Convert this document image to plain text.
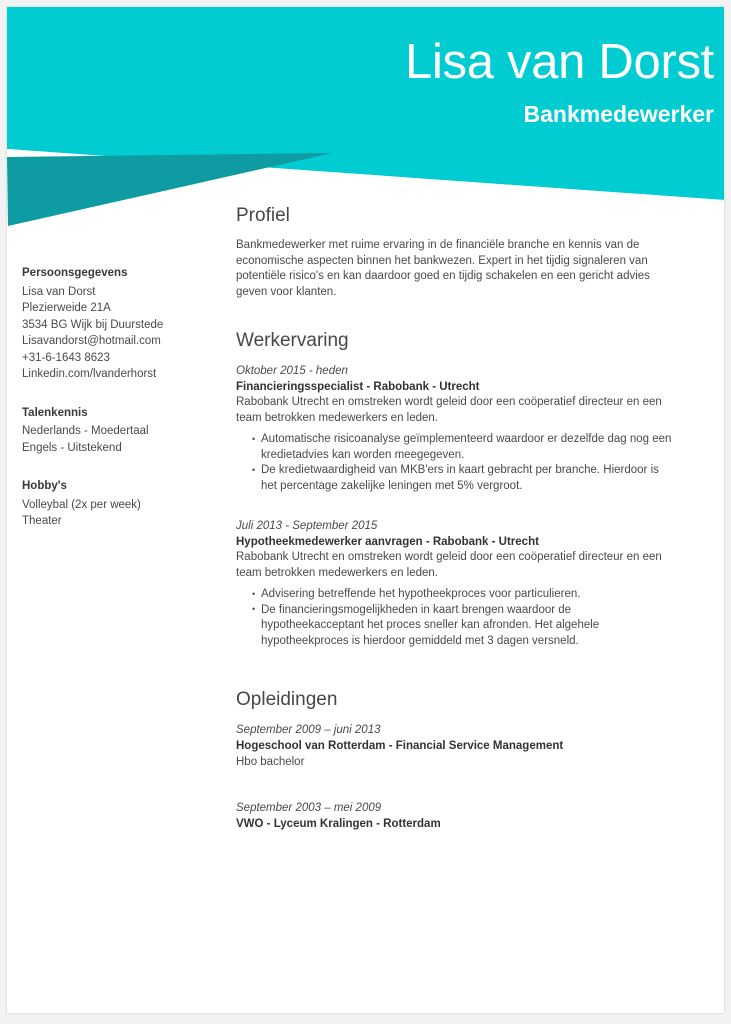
Lisa van Dorst
Bankmedewerker
Persoonsgegevens
Lisa van Dorst
Plezierweide 21A
3534 BG Wijk bij Duurstede
Lisavandorst@hotmail.com
+31-6-1643 8623
Linkedin.com/lvanderhorst
Talenkennis
Nederlands - Moedertaal
Engels - Uitstekend
Hobby's
Volleybal (2x per week)
Theater
Profiel
Bankmedewerker met ruime ervaring in de financiële branche en kennis van de economische aspecten binnen het bankwezen. Expert in het tijdig signaleren van potentiële risico's en kan daardoor goed en tijdig schakelen en een gericht advies geven voor klanten.
Werkervaring
Oktober 2015 - heden
Financieringsspecialist - Rabobank - Utrecht
Rabobank Utrecht en omstreken wordt geleid door een coöperatief directeur en een team betrokken medewerkers en leden.
• Automatische risicoanalyse geïmplementeerd waardoor er dezelfde dag nog een kredietadvies kan worden meegegeven.
• De kredietwaardigheid van MKB'ers in kaart gebracht per branche. Hierdoor is het percentage zakelijke leningen met 5% vergroot.
Juli 2013 - September 2015
Hypotheekmedewerker aanvragen - Rabobank - Utrecht
Rabobank Utrecht en omstreken wordt geleid door een coöperatief directeur en een team betrokken medewerkers en leden.
• Advisering betreffende het hypotheekproces voor particulieren.
• De financieringsmogelijkheden in kaart brengen waardoor de hypotheekacceptant het proces sneller kan afronden. Het algehele hypotheekproces is hierdoor gemiddeld met 3 dagen versneld.
Opleidingen
September 2009 – juni 2013
Hogeschool van Rotterdam - Financial Service Management
Hbo bachelor
September 2003 – mei 2009
VWO - Lyceum Kralingen - Rotterdam
